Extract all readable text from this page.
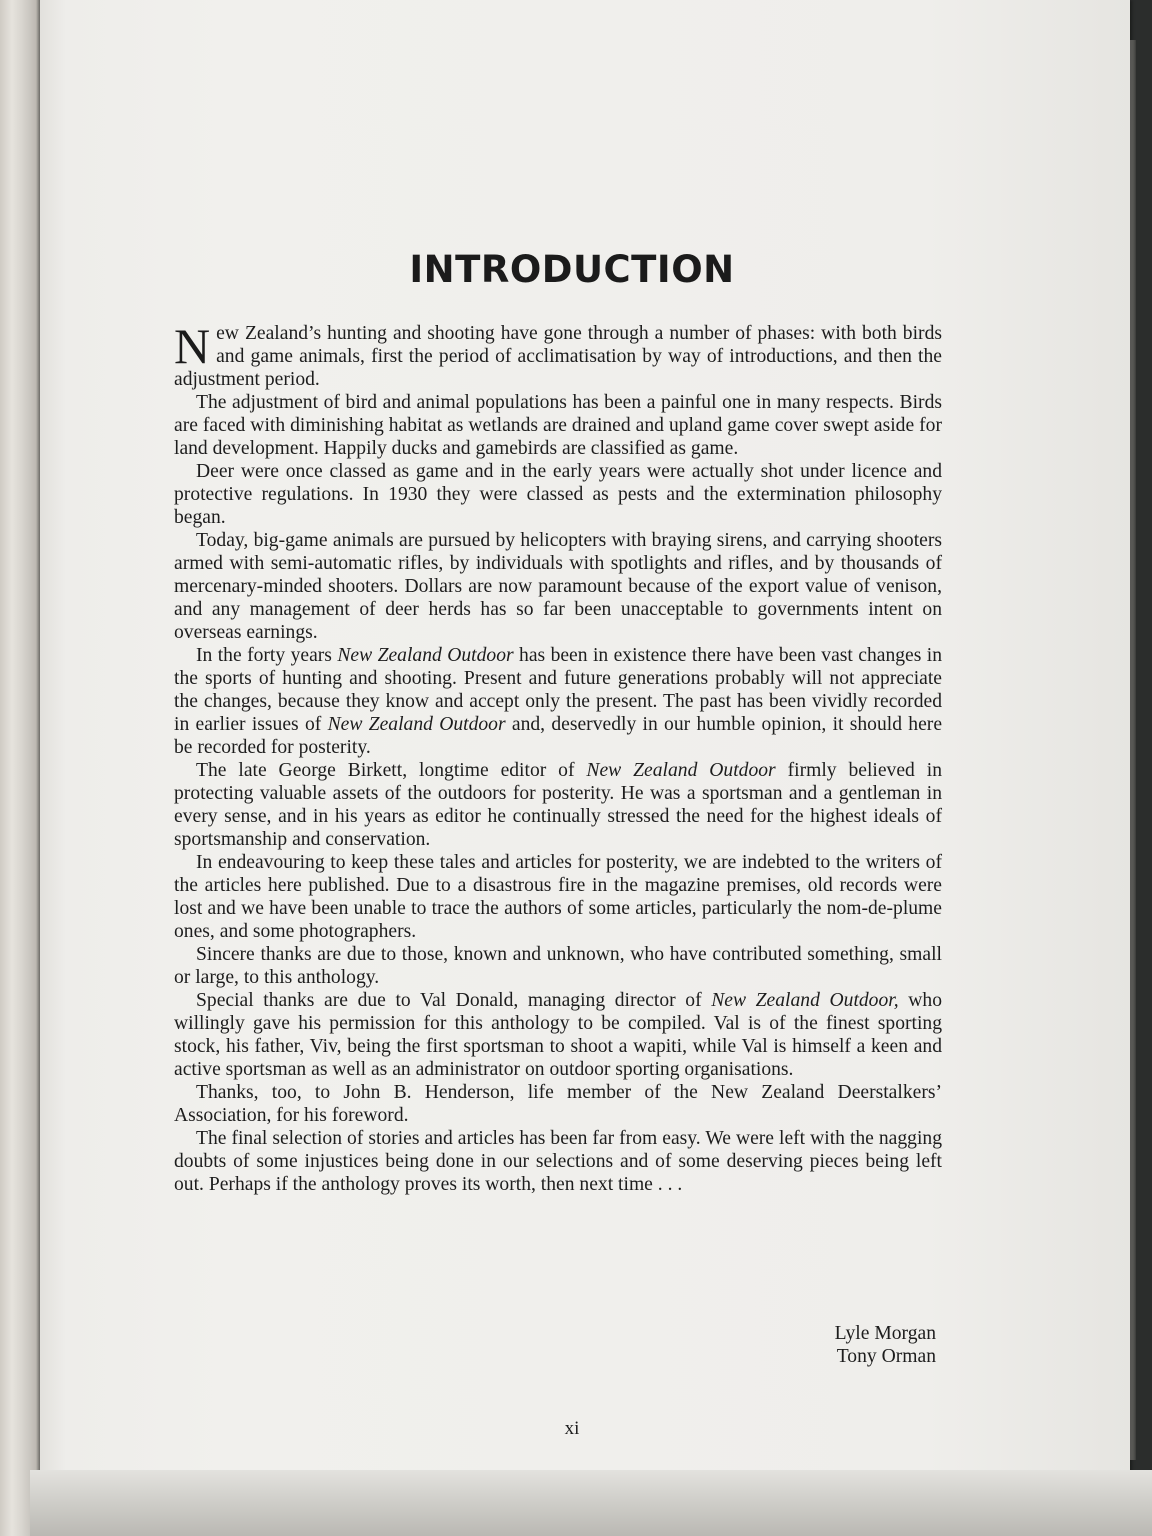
INTRODUCTION

New Zealand’s hunting and shooting have gone through a number of phases: with both birds and game animals, first the period of acclimatisation by way of introductions, and then the adjustment period.

The adjustment of bird and animal populations has been a painful one in many respects. Birds are faced with diminishing habitat as wetlands are drained and upland game cover swept aside for land development. Happily ducks and gamebirds are classified as game.

Deer were once classed as game and in the early years were actually shot under licence and protective regulations. In 1930 they were classed as pests and the extermination philosophy began.

Today, big-game animals are pursued by helicopters with braying sirens, and carrying shooters armed with semi-automatic rifles, by individuals with spotlights and rifles, and by thousands of mercenary-minded shooters. Dollars are now paramount because of the export value of venison, and any management of deer herds has so far been unacceptable to governments intent on overseas earnings.

In the forty years New Zealand Outdoor has been in existence there have been vast changes in the sports of hunting and shooting. Present and future generations probably will not appreciate the changes, because they know and accept only the present. The past has been vividly recorded in earlier issues of New Zealand Outdoor and, deservedly in our humble opinion, it should here be recorded for posterity.

The late George Birkett, longtime editor of New Zealand Outdoor firmly believed in protecting valuable assets of the outdoors for posterity. He was a sportsman and a gentleman in every sense, and in his years as editor he continually stressed the need for the highest ideals of sportsmanship and conservation.

In endeavouring to keep these tales and articles for posterity, we are indebted to the writers of the articles here published. Due to a disastrous fire in the magazine premises, old records were lost and we have been unable to trace the authors of some articles, particularly the nom-de-plume ones, and some photographers.

Sincere thanks are due to those, known and unknown, who have contributed something, small or large, to this anthology.

Special thanks are due to Val Donald, managing director of New Zealand Outdoor, who willingly gave his permission for this anthology to be compiled. Val is of the finest sporting stock, his father, Viv, being the first sportsman to shoot a wapiti, while Val is himself a keen and active sportsman as well as an administrator on outdoor sporting organisations.

Thanks, too, to John B. Henderson, life member of the New Zealand Deerstalkers’ Association, for his foreword.

The final selection of stories and articles has been far from easy. We were left with the nagging doubts of some injustices being done in our selections and of some deserving pieces being left out. Perhaps if the anthology proves its worth, then next time . . .

Lyle Morgan
Tony Orman
xi
